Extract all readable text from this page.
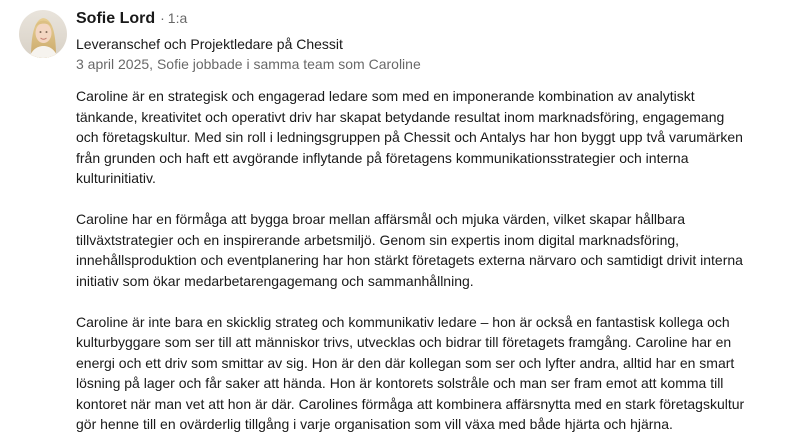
Sofie Lord · 1:a
Leveranschef och Projektledare på Chessit
3 april 2025, Sofie jobbade i samma team som Caroline

Caroline är en strategisk och engagerad ledare som med en imponerande kombination av analytiskt
tänkande, kreativitet och operativt driv har skapat betydande resultat inom marknadsföring, engagemang
och företagskultur. Med sin roll i ledningsgruppen på Chessit och Antalys har hon byggt upp två varumärken
från grunden och haft ett avgörande inflytande på företagens kommunikationsstrategier och interna
kulturinitiativ.

Caroline har en förmåga att bygga broar mellan affärsmål och mjuka värden, vilket skapar hållbara
tillväxtstrategier och en inspirerande arbetsmiljö. Genom sin expertis inom digital marknadsföring,
innehållsproduktion och eventplanering har hon stärkt företagets externa närvaro och samtidigt drivit interna
initiativ som ökar medarbetarengagemang och sammanhållning.

Caroline är inte bara en skicklig strateg och kommunikativ ledare – hon är också en fantastisk kollega och
kulturbyggare som ser till att människor trivs, utvecklas och bidrar till företagets framgång. Caroline har en
energi och ett driv som smittar av sig. Hon är den där kollegan som ser och lyfter andra, alltid har en smart
lösning på lager och får saker att hända. Hon är kontorets solstråle och man ser fram emot att komma till
kontoret när man vet att hon är där. Carolines förmåga att kombinera affärsnytta med en stark företagskultur
gör henne till en ovärderlig tillgång i varje organisation som vill växa med både hjärta och hjärna.
